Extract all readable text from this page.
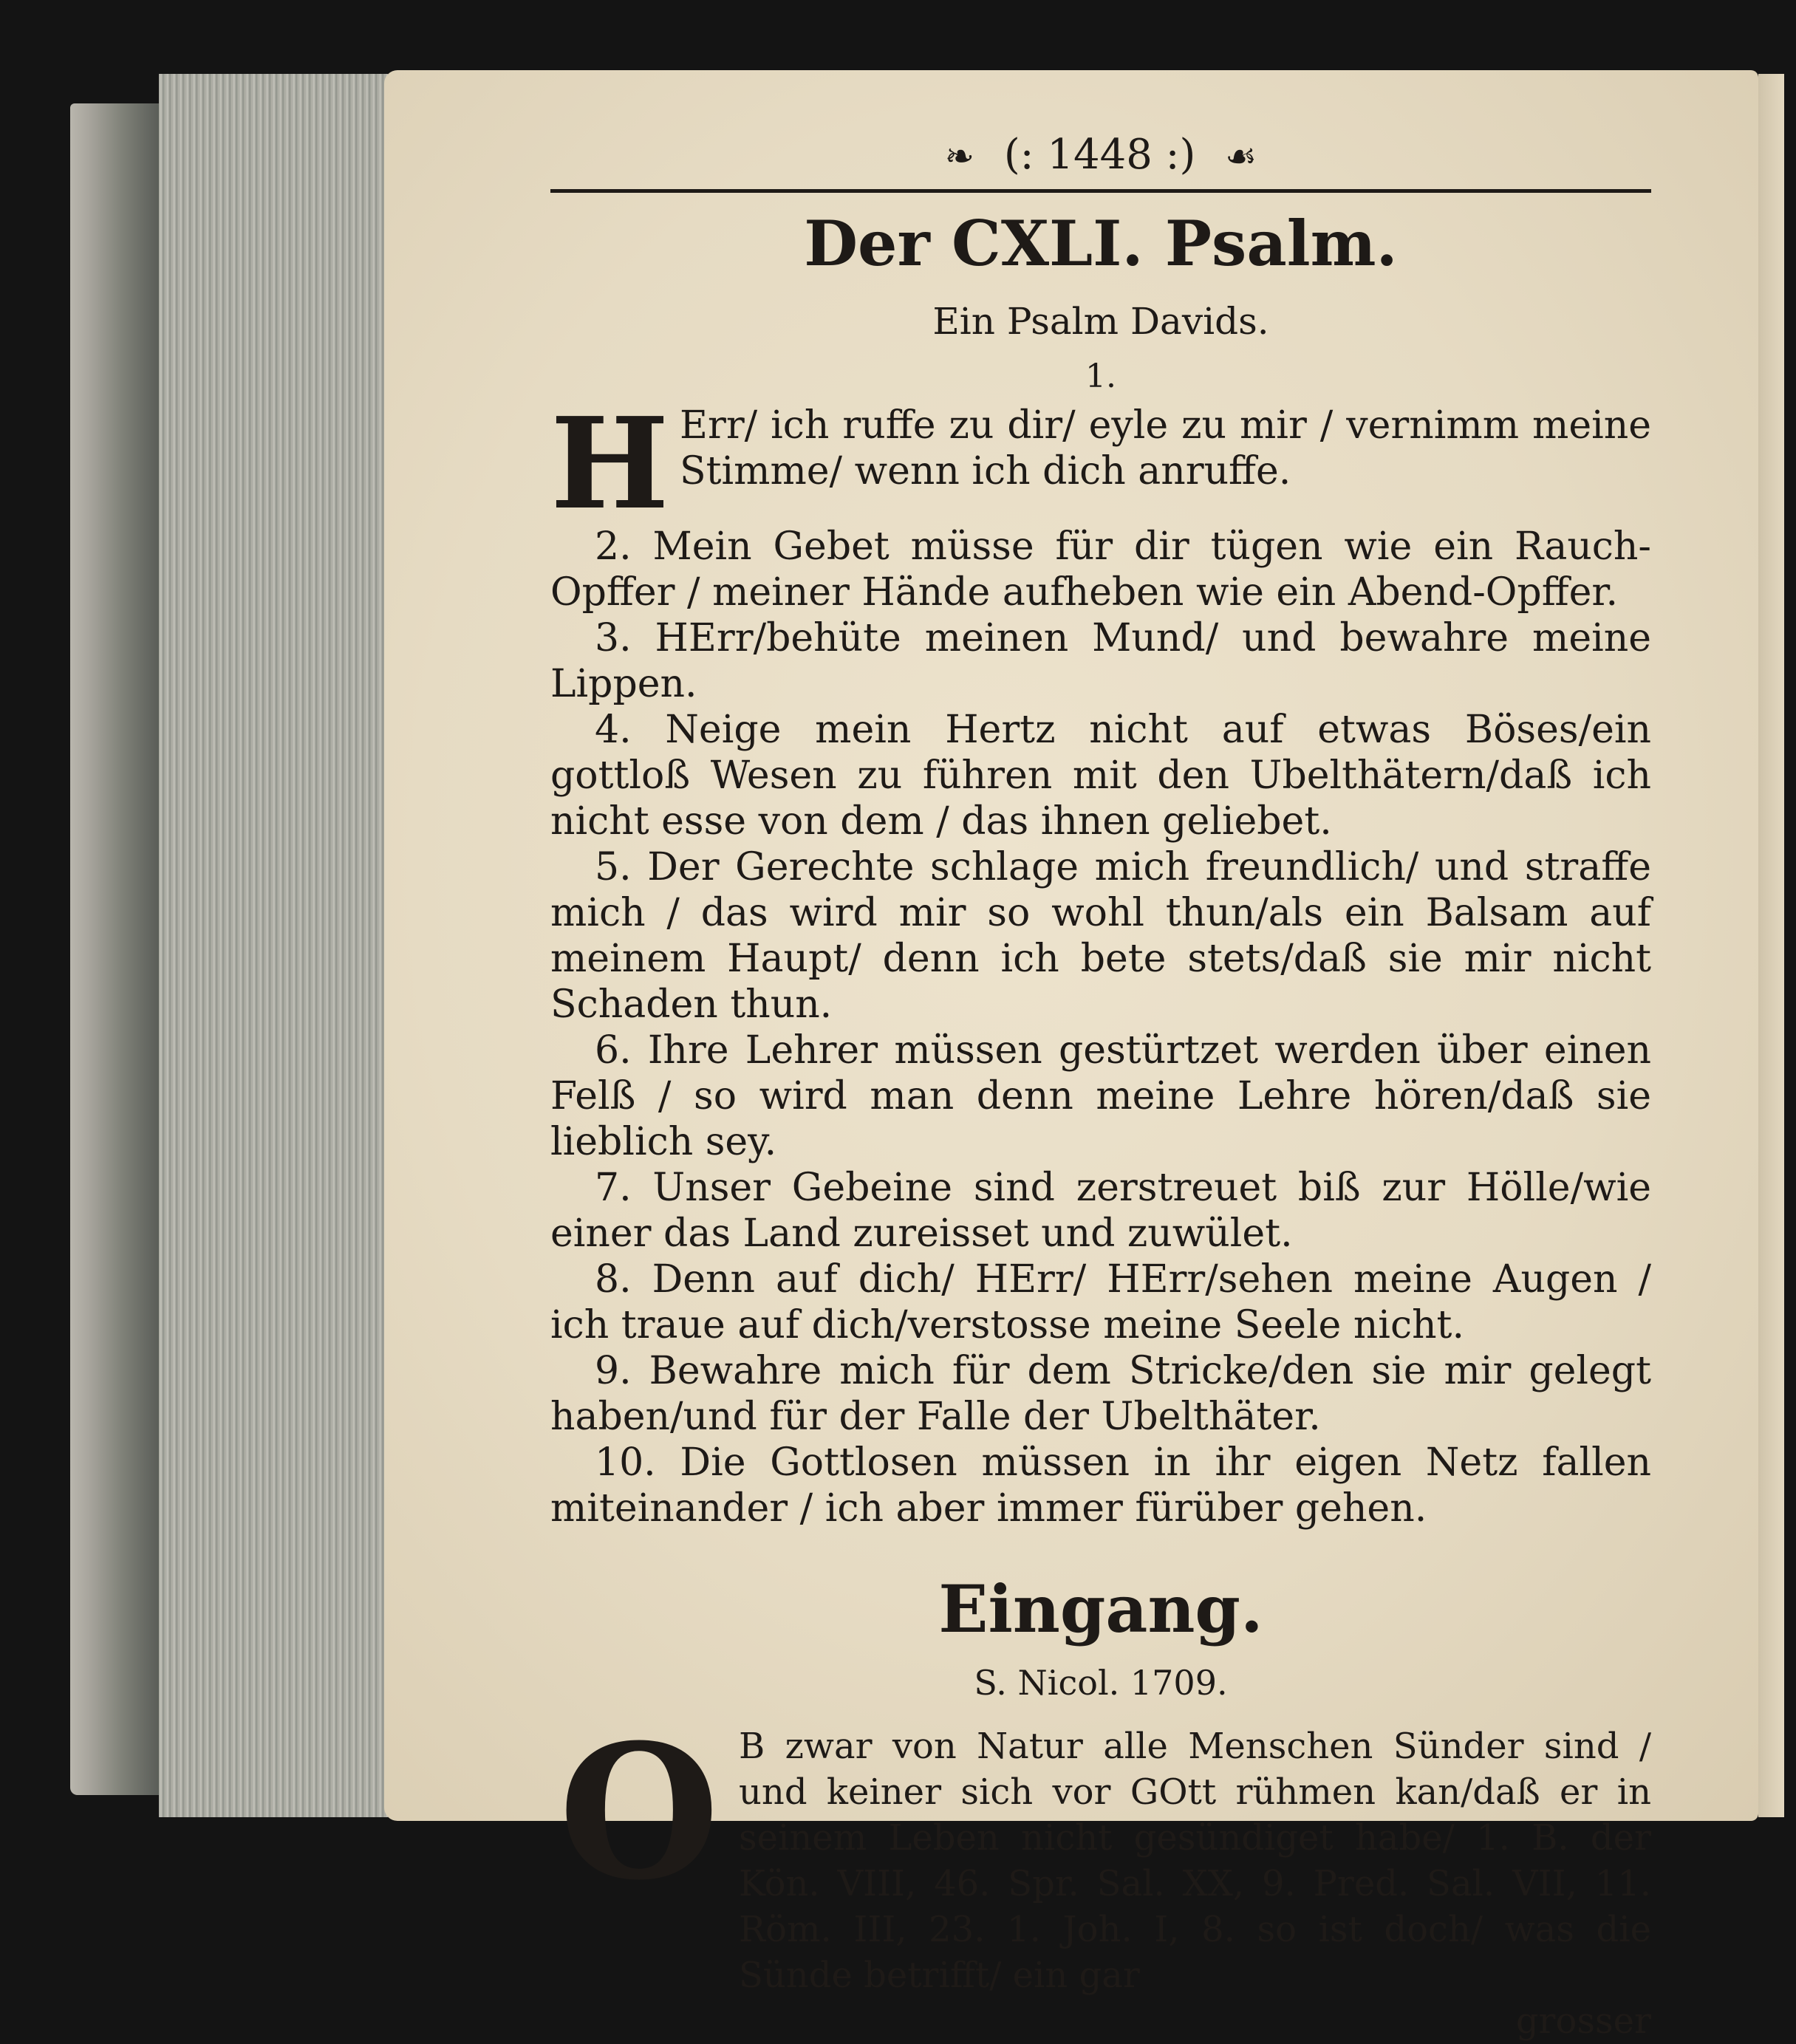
❧ (: 1448 :) ☙
Der CXLI. Psalm.
Ein Psalm Davids.
1.
H Err/ ich ruffe zu dir/ eyle zu mir / vernimm meine Stimme/ wenn ich dich anruffe.
2. Mein Gebet müsse für dir tügen wie ein Rauch-Opffer / meiner Hände aufheben wie ein Abend-Opffer.
3. HErr/behüte meinen Mund/ und bewahre meine Lippen.
4. Neige mein Hertz nicht auf etwas Böses/ein gottloß Wesen zu führen mit den Ubelthätern/daß ich nicht esse von dem / das ihnen geliebet.
5. Der Gerechte schlage mich freundlich/ und straffe mich / das wird mir so wohl thun/als ein Balsam auf meinem Haupt/ denn ich bete stets/daß sie mir nicht Schaden thun.
6. Ihre Lehrer müssen gestürtzet werden über einen Felß / so wird man denn meine Lehre hören/daß sie lieblich sey.
7. Unser Gebeine sind zerstreuet biß zur Hölle/wie einer das Land zureisset und zuwület.
8. Denn auf dich/ HErr/ HErr/sehen meine Augen / ich traue auf dich/verstosse meine Seele nicht.
9. Bewahre mich für dem Stricke/den sie mir gelegt haben/und für der Falle der Ubelthäter.
10. Die Gottlosen müssen in ihr eigen Netz fallen miteinander / ich aber immer fürüber gehen.
Eingang.
S. Nicol. 1709.
O B zwar von Natur alle Menschen Sünder sind / und keiner sich vor GOtt rühmen kan/daß er in seinem Leben nicht gesündiget habe/ 1. B. der Kön. VIII, 46. Spr. Sal. XX, 9. Pred. Sal. VII, 11. Röm. III, 23. 1. Joh. I, 8. so ist doch/ was die Sünde betrifft/ ein gar
grosser
